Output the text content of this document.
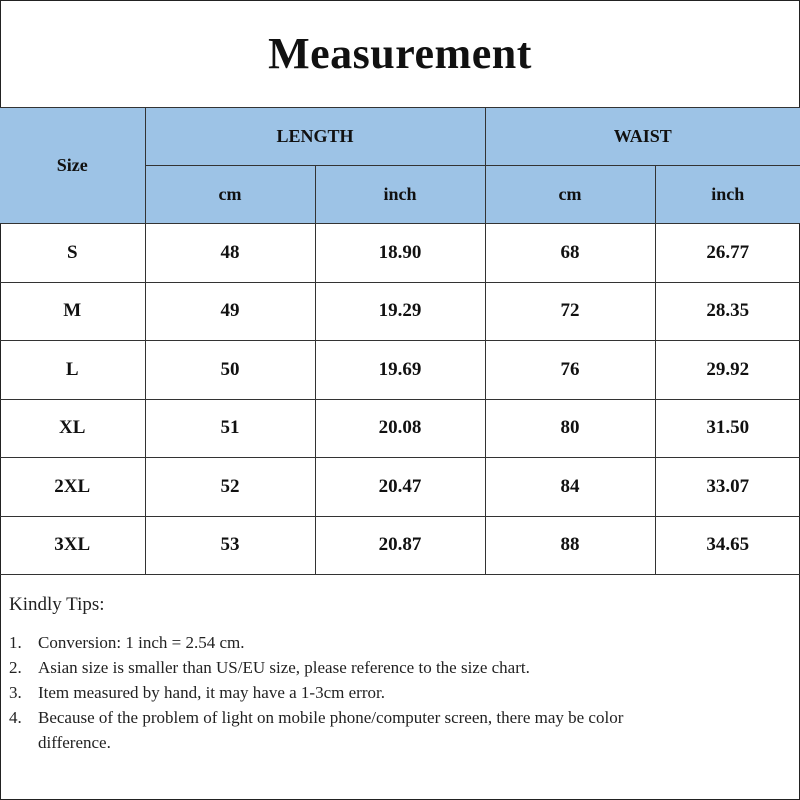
Measurement
Size	LENGTH		WAIST	
	cm	inch	cm	inch
S	48	18.90	68	26.77
M	49	19.29	72	28.35
L	50	19.69	76	29.92
XL	51	20.08	80	31.50
2XL	52	20.47	84	33.07
3XL	53	20.87	88	34.65
Kindly Tips:
1. Conversion: 1 inch = 2.54 cm.
2. Asian size is smaller than US/EU size, please reference to the size chart.
3. Item measured by hand, it may have a 1-3cm error.
4. Because of the problem of light on mobile phone/computer screen, there may be color difference.
